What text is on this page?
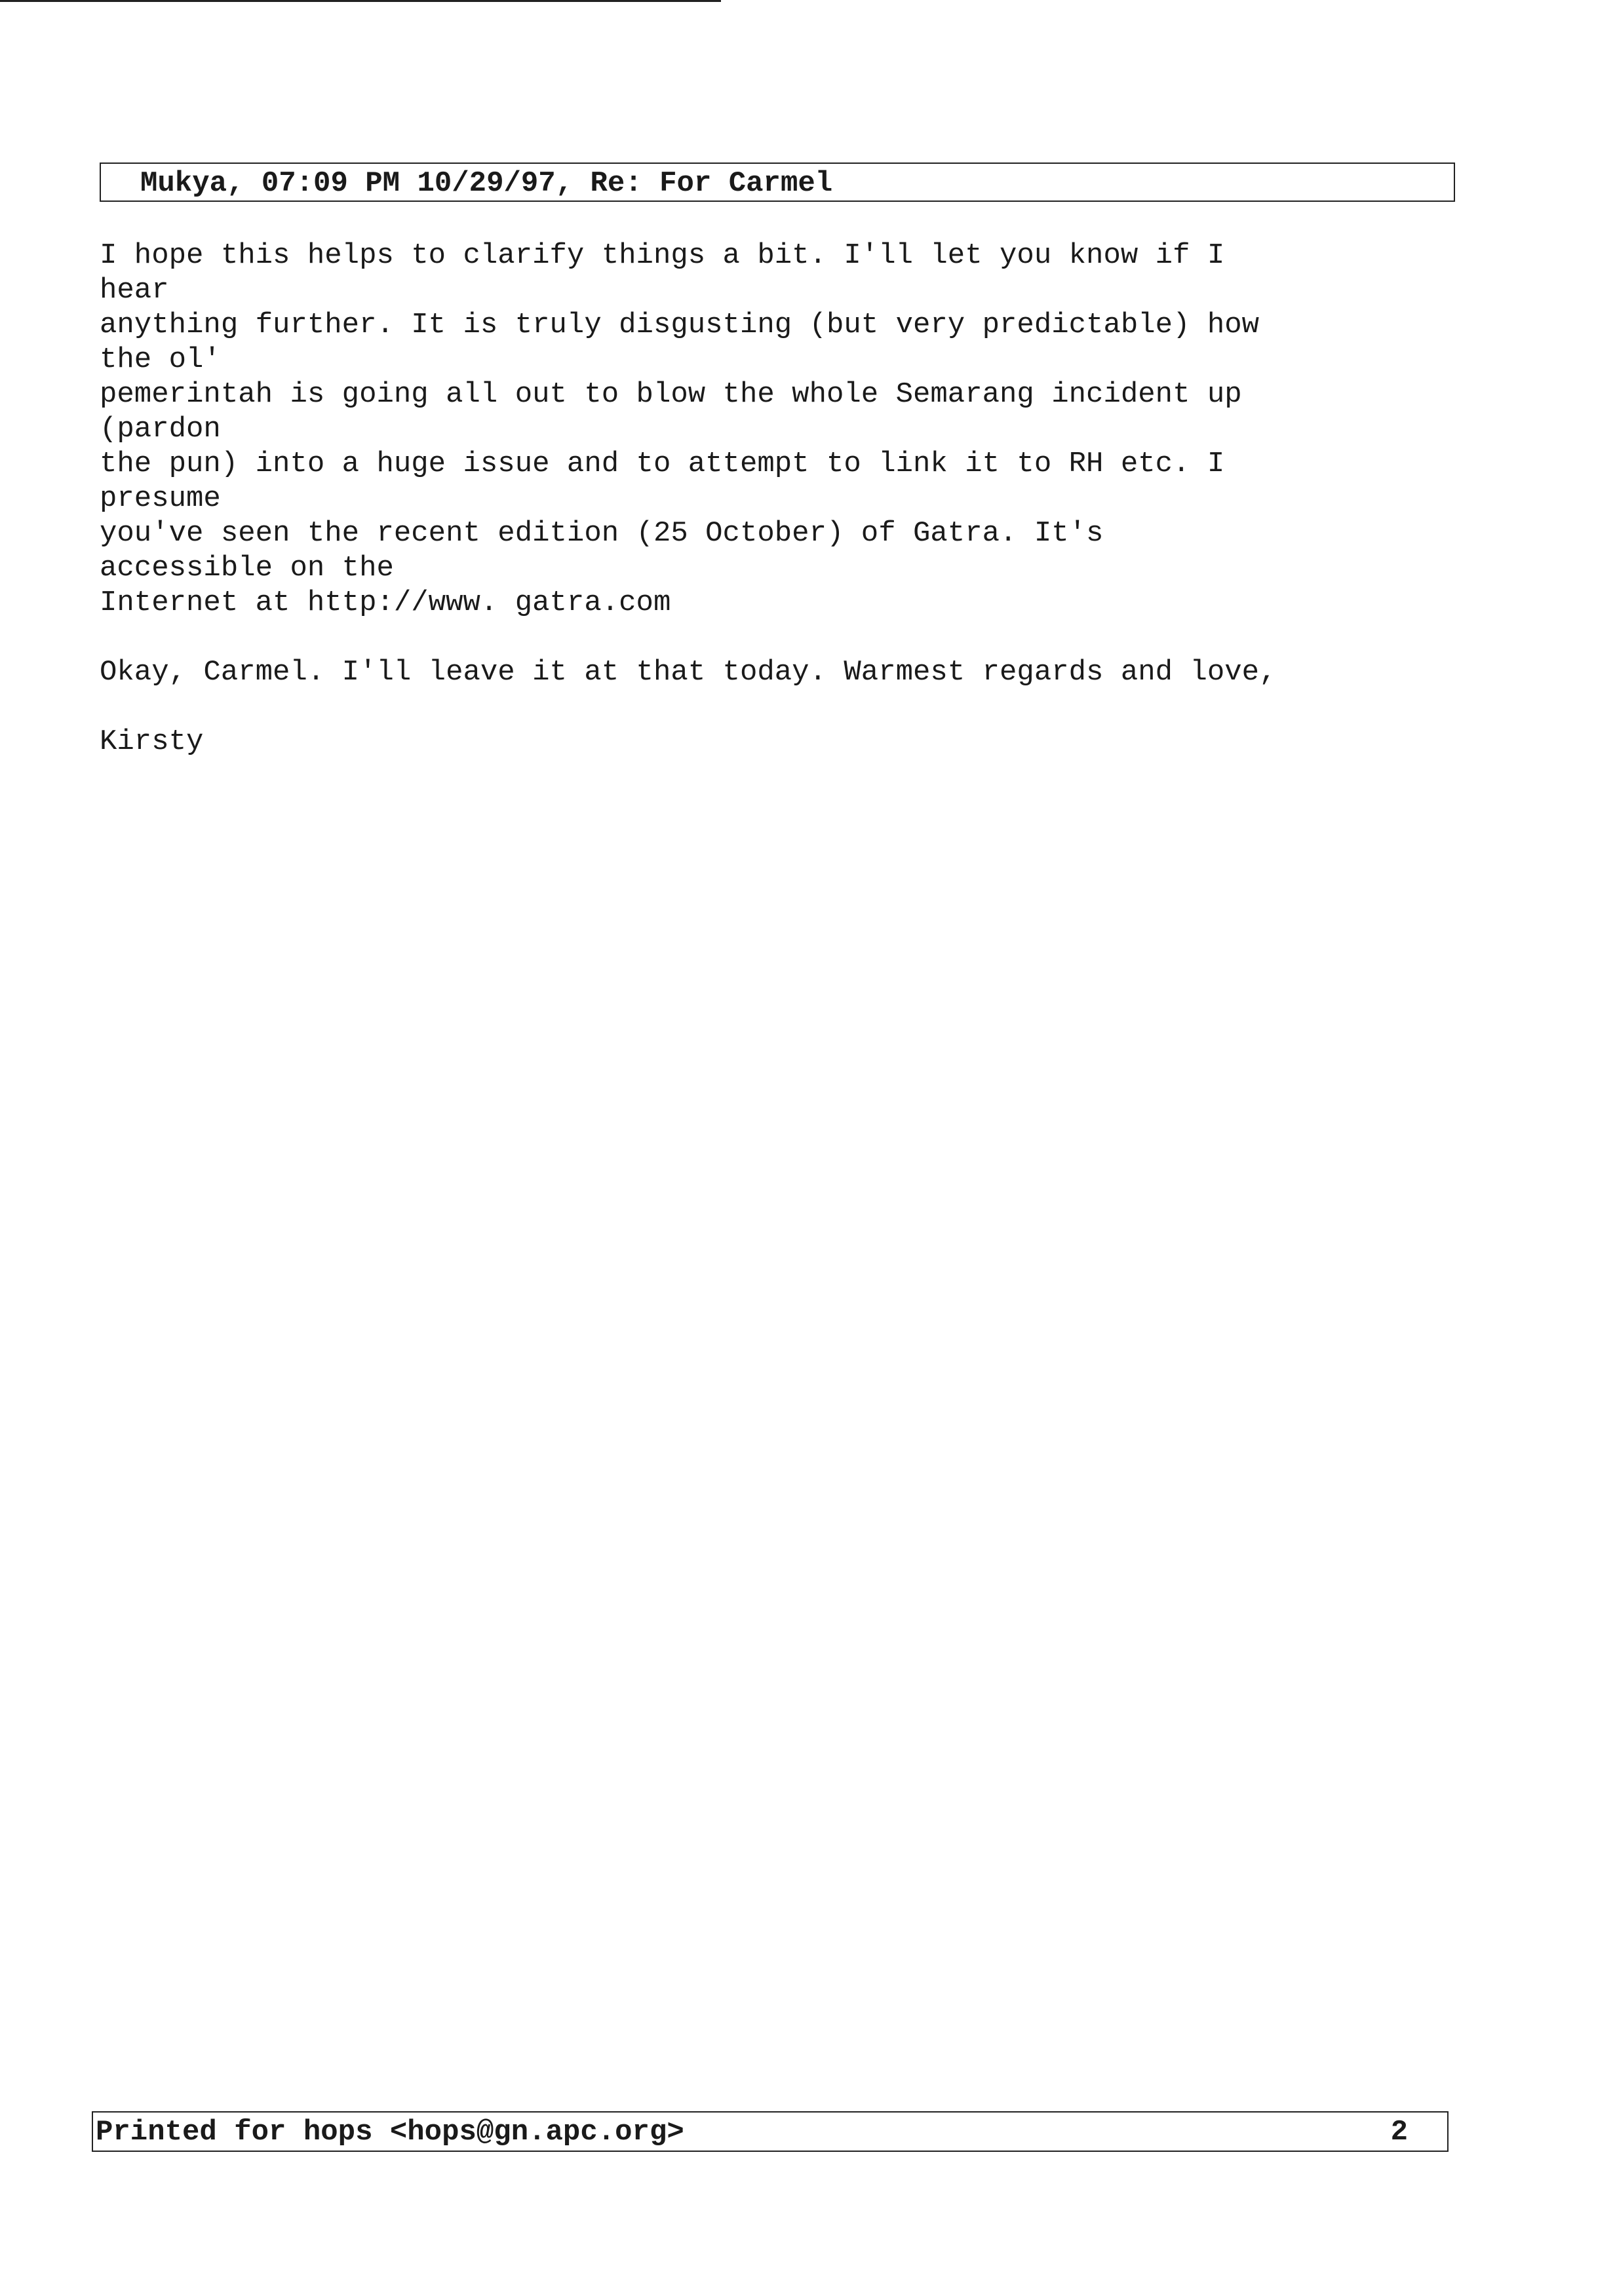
Mukya, 07:09 PM 10/29/97, Re: For Carmel
I hope this helps to clarify things a bit. I'll let you know if I
hear
anything further. It is truly disgusting (but very predictable) how
the ol'
pemerintah is going all out to blow the whole Semarang incident up
(pardon
the pun) into a huge issue and to attempt to link it to RH etc. I
presume
you've seen the recent edition (25 October) of Gatra. It's
accessible on the
Internet at http://www. gatra.com
Okay, Carmel. I'll leave it at that today. Warmest regards and love,
Kirsty
Printed for hops <hops@gn.apc.org>	2
